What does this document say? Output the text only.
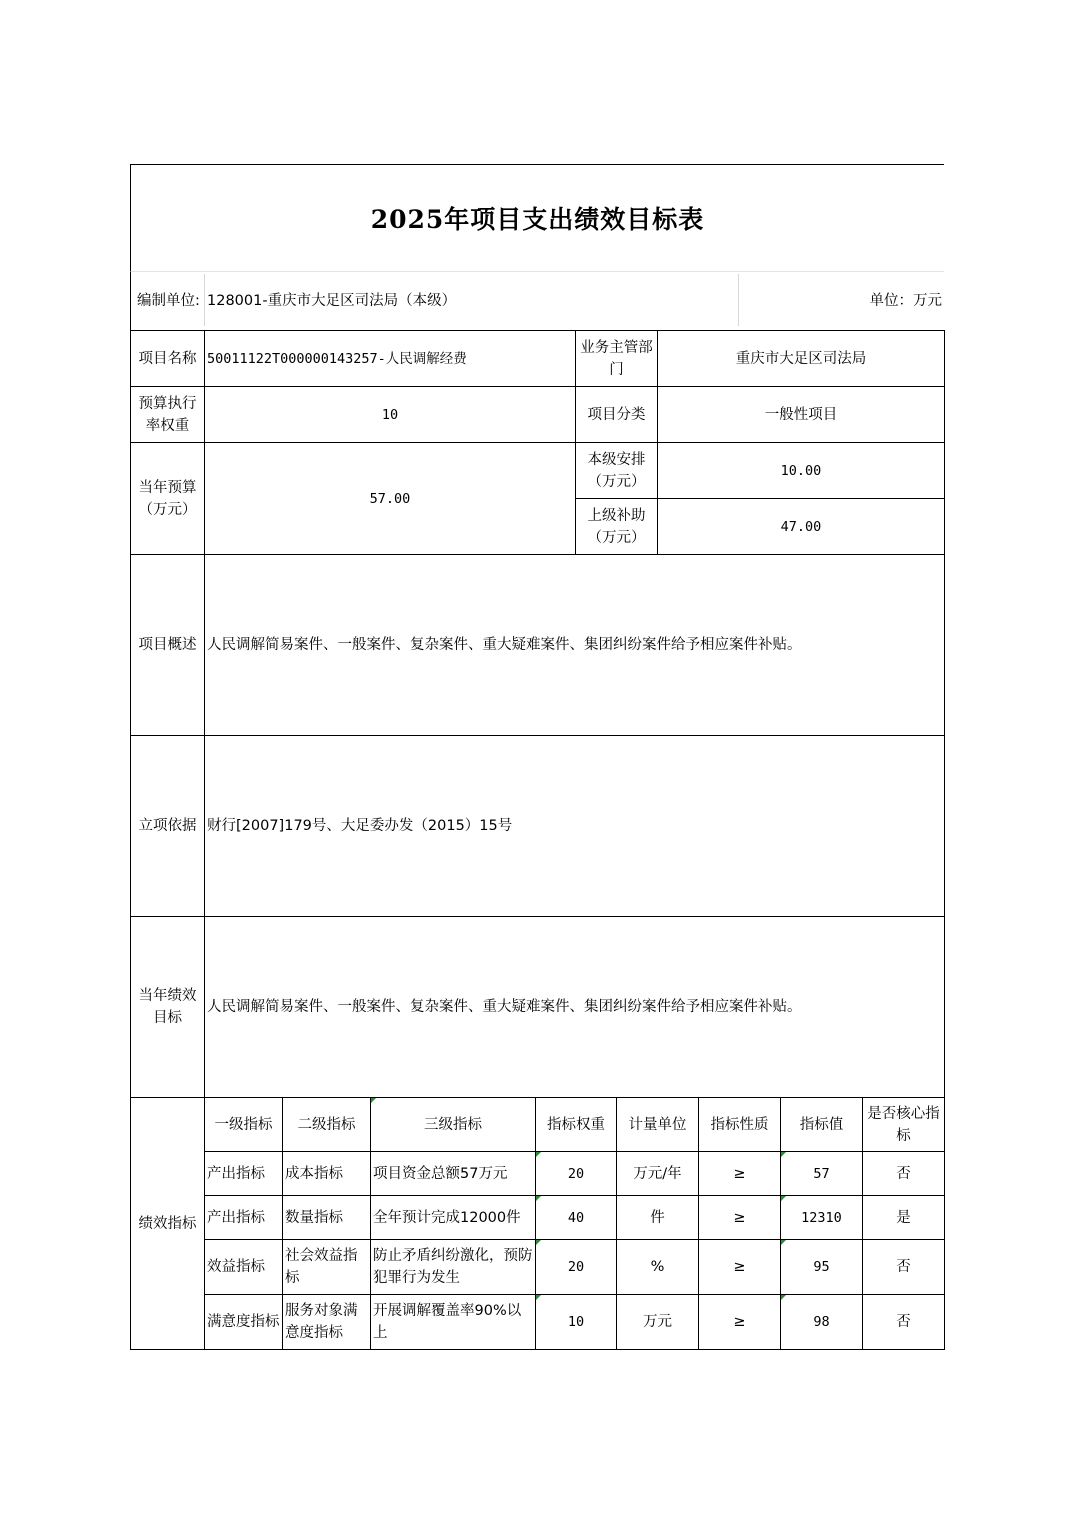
2025年项目支出绩效目标表
编制单位: 128001-重庆市大足区司法局（本级）	单位：万元
项目名称	50011122T000000143257-人民调解经费	业务主管部门	重庆市大足区司法局
预算执行率权重	10	项目分类	一般性项目
当年预算（万元）	57.00	本级安排（万元）	10.00
		上级补助（万元）	47.00
项目概述	人民调解简易案件、一般案件、复杂案件、重大疑难案件、集团纠纷案件给予相应案件补贴。		
立项依据	财行[2007]179号、大足委办发（2015）15号		
当年绩效目标	人民调解简易案件、一般案件、复杂案件、重大疑难案件、集团纠纷案件给予相应案件补贴。		
绩效指标	一级指标	二级指标	三级指标	指标权重	计量单位	指标性质	指标值	是否核心指标
	产出指标	成本指标	项目资金总额57万元	20	万元/年	≥	57	否
	产出指标	数量指标	全年预计完成12000件	40	件	≥	12310	是
	效益指标	社会效益指标	防止矛盾纠纷激化，预防犯罪行为发生	20	%	≥	95	否
	满意度指标	服务对象满意度指标	开展调解覆盖率90%以上	10	万元	≥	98	否
